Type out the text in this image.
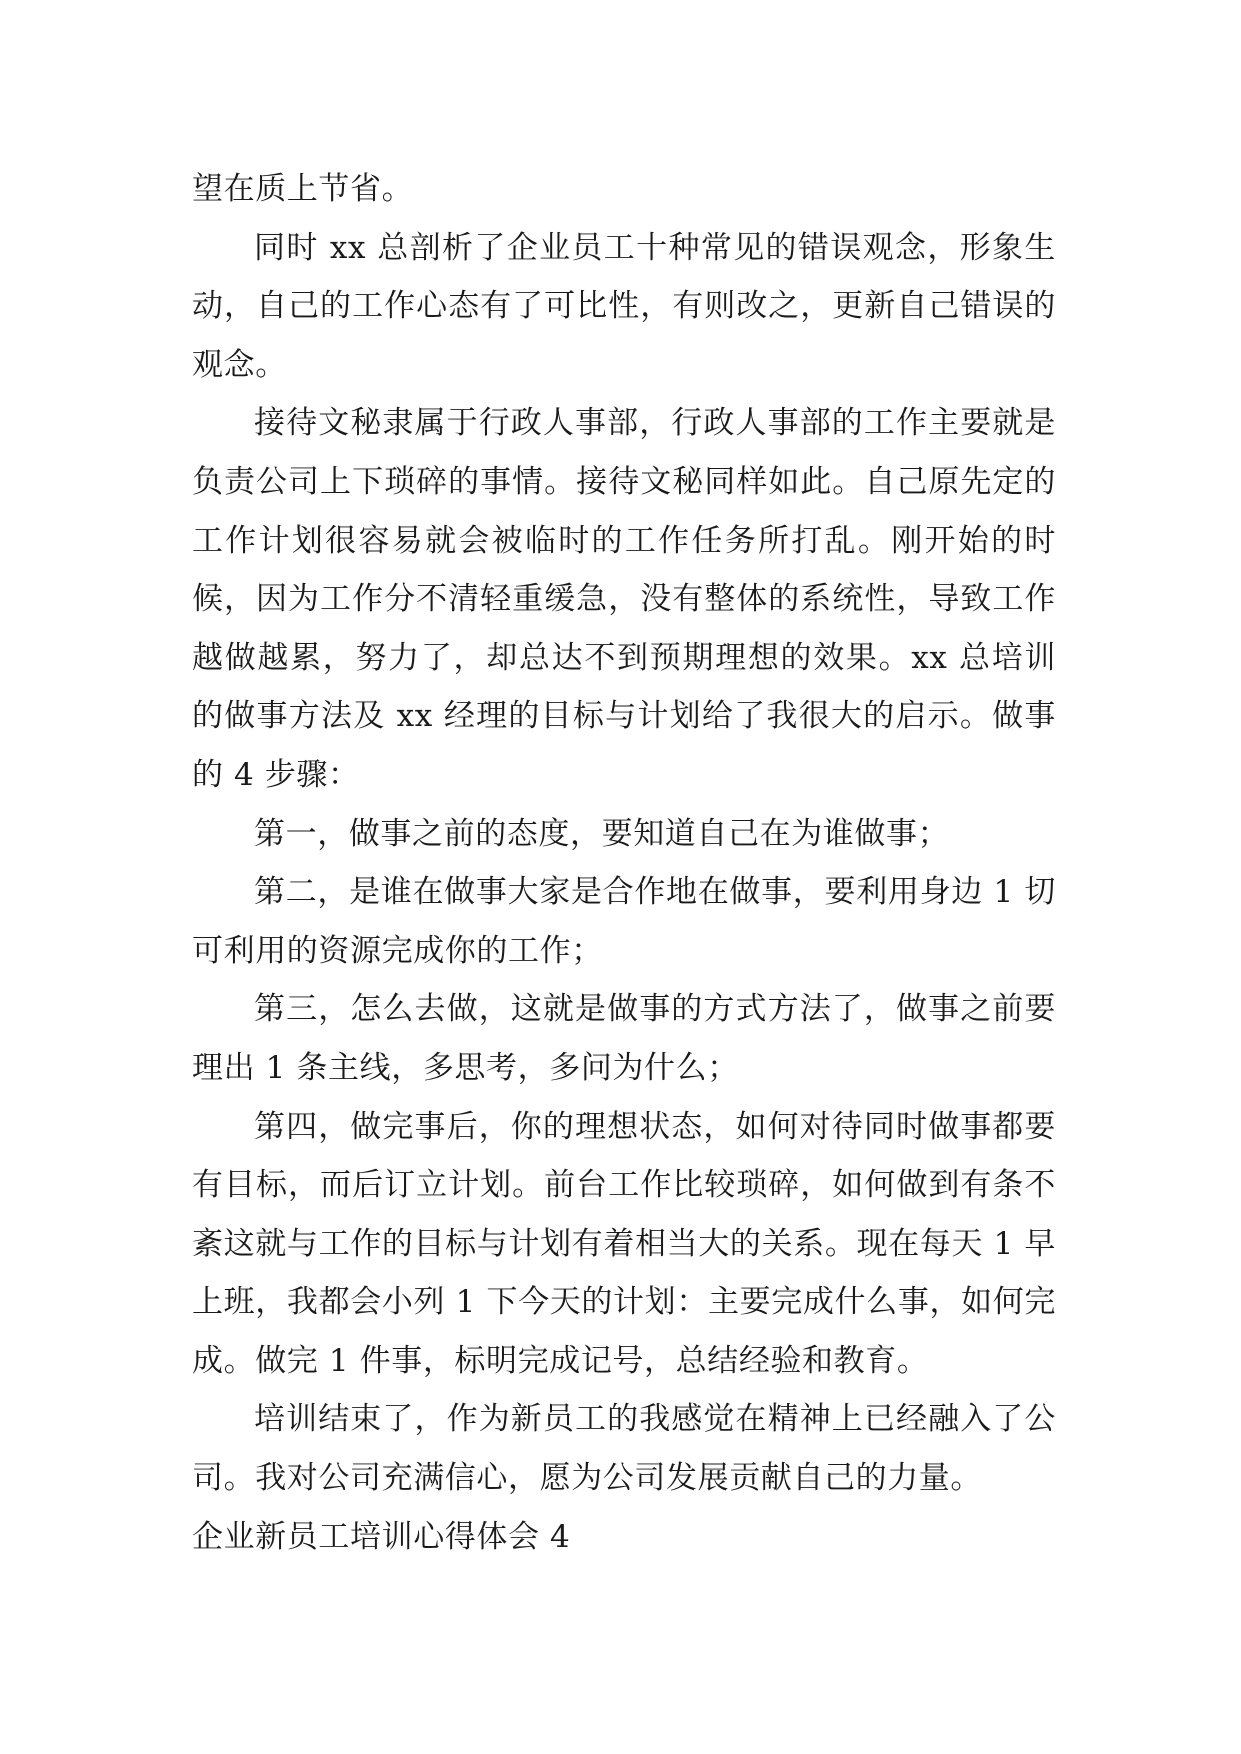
望在质上节省。

同时 xx 总剖析了企业员工十种常见的错误观念，形象生动，自己的工作心态有了可比性，有则改之，更新自己错误的观念。

接待文秘隶属于行政人事部，行政人事部的工作主要就是负责公司上下琐碎的事情。接待文秘同样如此。自己原先定的工作计划很容易就会被临时的工作任务所打乱。刚开始的时候，因为工作分不清轻重缓急，没有整体的系统性，导致工作越做越累，努力了，却总达不到预期理想的效果。xx 总培训的做事方法及 xx 经理的目标与计划给了我很大的启示。做事的 4 步骤：

第一，做事之前的态度，要知道自己在为谁做事；

第二，是谁在做事大家是合作地在做事，要利用身边 1 切可利用的资源完成你的工作；

第三，怎么去做，这就是做事的方式方法了，做事之前要理出 1 条主线，多思考，多问为什么；

第四，做完事后，你的理想状态，如何对待同时做事都要有目标，而后订立计划。前台工作比较琐碎，如何做到有条不紊这就与工作的目标与计划有着相当大的关系。现在每天 1 早上班，我都会小列 1 下今天的计划：主要完成什么事，如何完成。做完 1 件事，标明完成记号，总结经验和教育。

培训结束了，作为新员工的我感觉在精神上已经融入了公司。我对公司充满信心，愿为公司发展贡献自己的力量。

企业新员工培训心得体会 4
